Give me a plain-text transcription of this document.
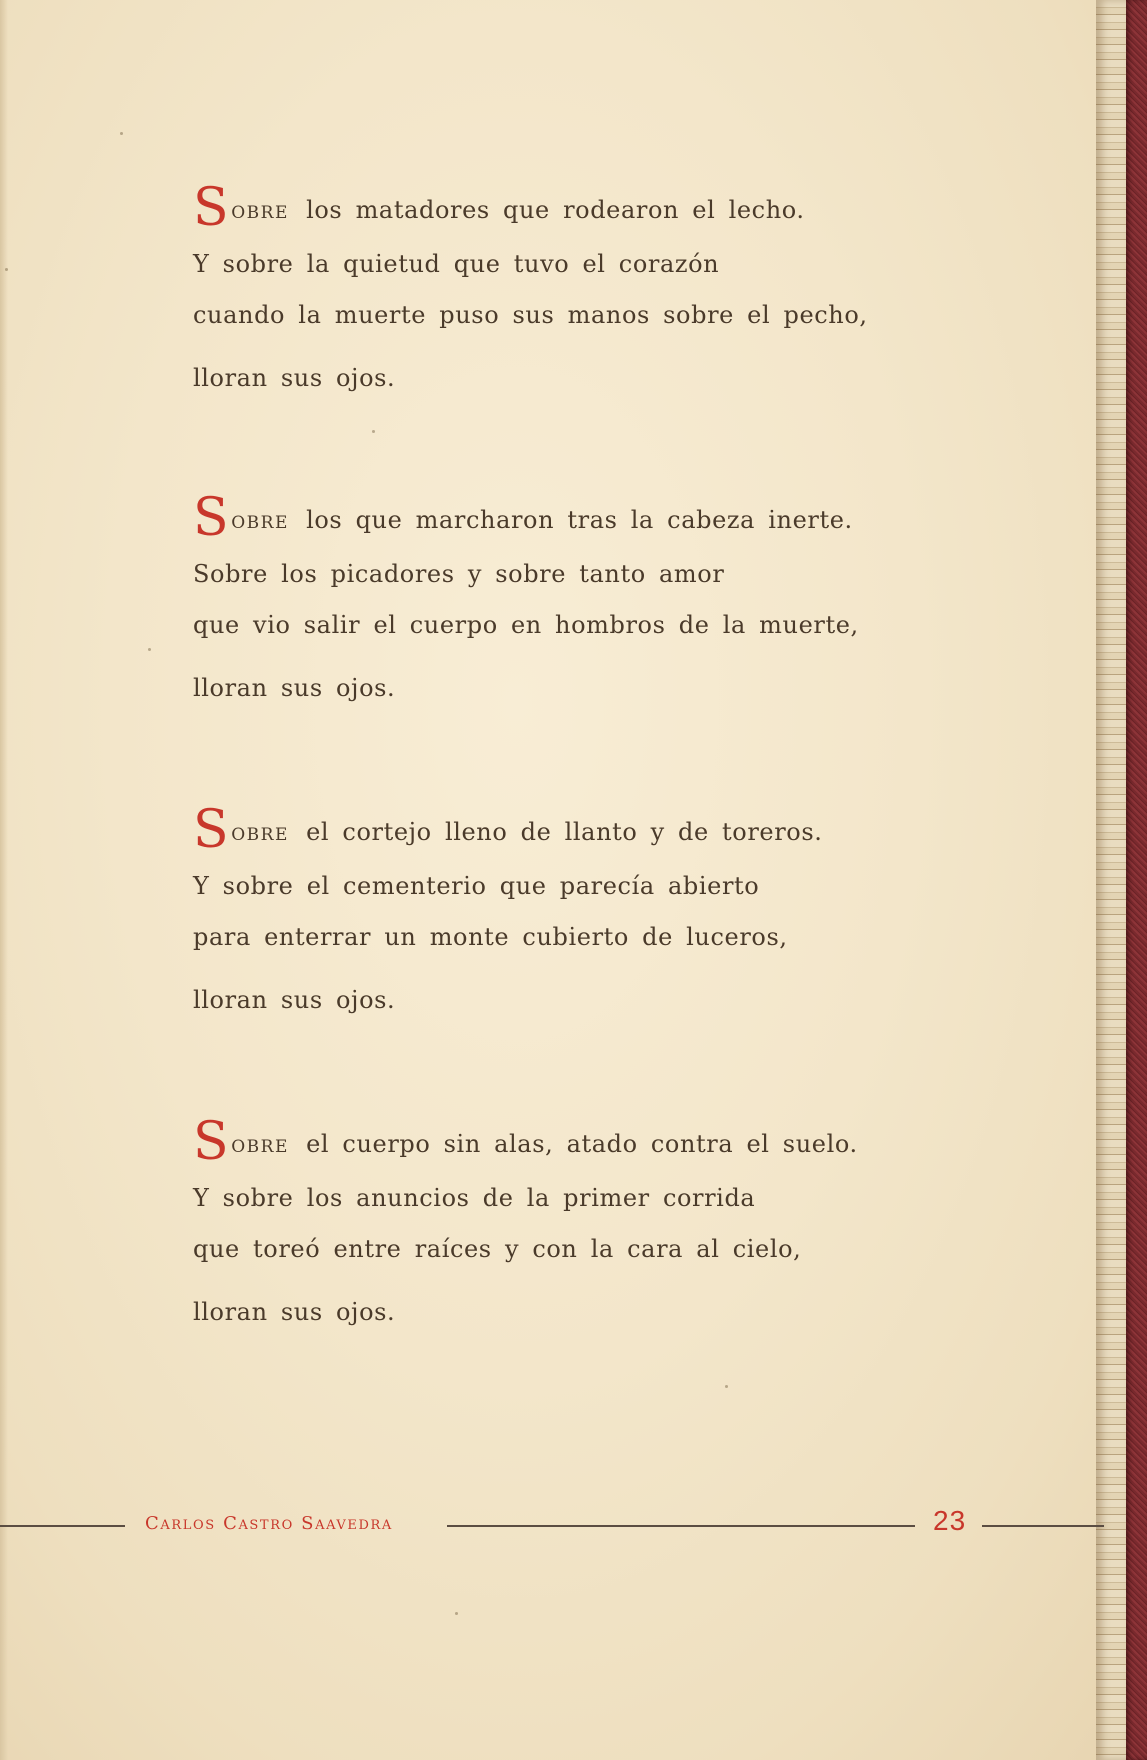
SOBRE los matadores que rodearon el lecho.
Y sobre la quietud que tuvo el corazón
cuando la muerte puso sus manos sobre el pecho,
lloran sus ojos.
SOBRE los que marcharon tras la cabeza inerte.
Sobre los picadores y sobre tanto amor
que vio salir el cuerpo en hombros de la muerte,
lloran sus ojos.
SOBRE el cortejo lleno de llanto y de toreros.
Y sobre el cementerio que parecía abierto
para enterrar un monte cubierto de luceros,
lloran sus ojos.
SOBRE el cuerpo sin alas, atado contra el suelo.
Y sobre los anuncios de la primer corrida
que toreó entre raíces y con la cara al cielo,
lloran sus ojos.
Carlos Castro Saavedra	23
